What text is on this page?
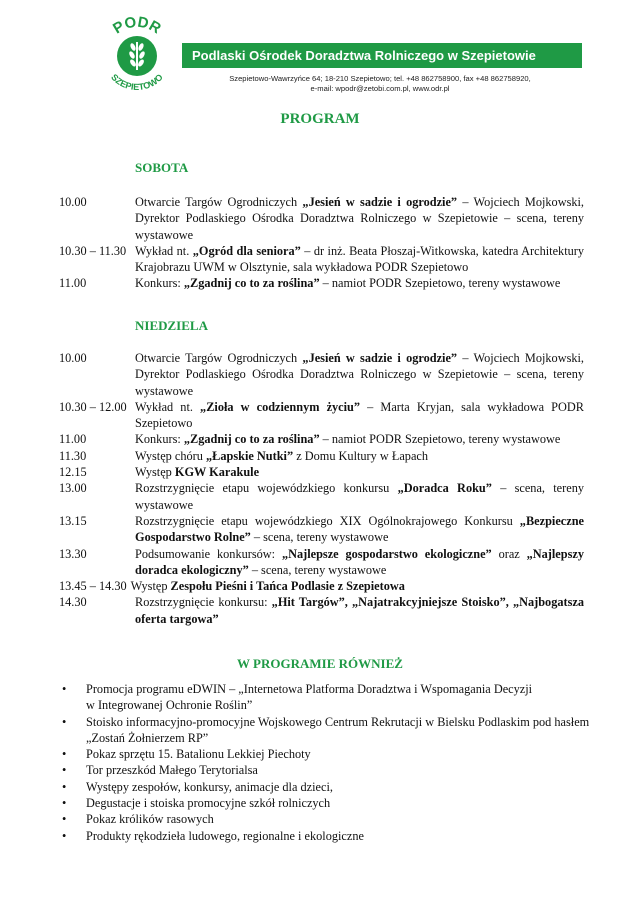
PODR
SZEPIETOWO
Podlaski Ośrodek Doradztwa Rolniczego w Szepietowie
Szepietowo-Wawrzyńce 64; 18-210 Szepietowo; tel. +48 862758900, fax +48 862758920,
e-mail: wpodr@zetobi.com.pl, www.odr.pl
PROGRAM
SOBOTA
10.00	Otwarcie Targów Ogrodniczych „Jesień w sadzie i ogrodzie” – Wojciech Mojkowski, Dyrektor Podlaskiego Ośrodka Doradztwa Rolniczego w Szepietowie – scena, tereny wystawowe
10.30 – 11.30 Wykład nt. „Ogród dla seniora” – dr inż. Beata Płoszaj-Witkowska, katedra Architektury Krajobrazu UWM w Olsztynie, sala wykładowa PODR Szepietowo
11.00	Konkurs: „Zgadnij co to za roślina” – namiot PODR Szepietowo, tereny wystawowe
NIEDZIELA
10.00	Otwarcie Targów Ogrodniczych „Jesień w sadzie i ogrodzie” – Wojciech Mojkowski, Dyrektor Podlaskiego Ośrodka Doradztwa Rolniczego w Szepietowie – scena, tereny wystawowe
10.30 – 12.00 Wykład nt. „Zioła w codziennym życiu” – Marta Kryjan, sala wykładowa PODR Szepietowo
11.00	Konkurs: „Zgadnij co to za roślina” – namiot PODR Szepietowo, tereny wystawowe
11.30	Występ chóru „Łapskie Nutki” z Domu Kultury w Łapach
12.15	Występ KGW Karakule
13.00	Rozstrzygnięcie etapu wojewódzkiego konkursu „Doradca Roku” – scena, tereny wystawowe
13.15	Rozstrzygnięcie etapu wojewódzkiego XIX Ogólnokrajowego Konkursu „Bezpieczne Gospodarstwo Rolne” – scena, tereny wystawowe
13.30	Podsumowanie konkursów: „Najlepsze gospodarstwo ekologiczne” oraz „Najlepszy doradca ekologiczny” – scena, tereny wystawowe
13.45 – 14.30 Występ Zespołu Pieśni i Tańca Podlasie z Szepietowa
14.30	Rozstrzygnięcie konkursu: „Hit Targów”, „Najatrakcyjniejsze Stoisko”, „Najbogatsza oferta targowa”
W PROGRAMIE RÓWNIEŻ
•	Promocja programu eDWIN – „Internetowa Platforma Doradztwa i Wspomagania Decyzji
w Integrowanej Ochronie Roślin”
•	Stoisko informacyjno-promocyjne Wojskowego Centrum Rekrutacji w Bielsku Podlaskim pod hasłem
„Zostań Żołnierzem RP”
•	Pokaz sprzętu 15. Batalionu Lekkiej Piechoty
•	Tor przeszkód Małego Terytorialsa
•	Występy zespołów, konkursy, animacje dla dzieci,
•	Degustacje i stoiska promocyjne szkół rolniczych
•	Pokaz królików rasowych
•	Produkty rękodzieła ludowego, regionalne i ekologiczne
